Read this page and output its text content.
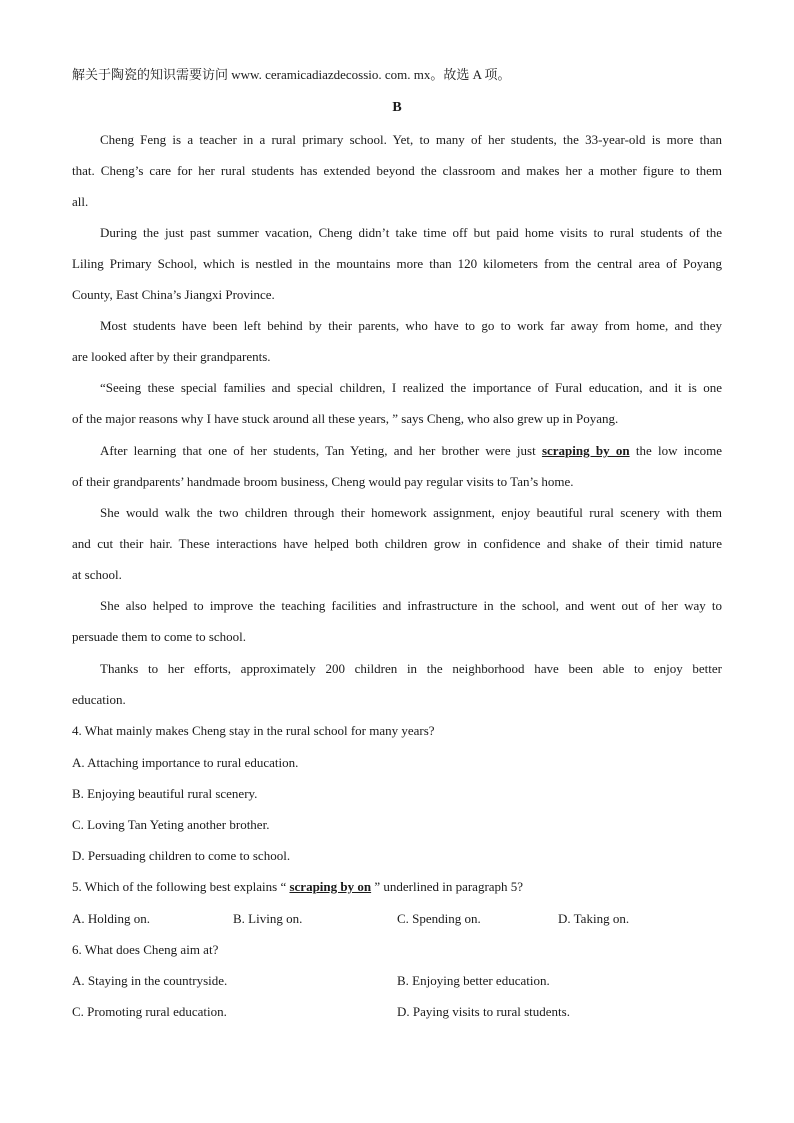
解关于陶瓷的知识需要访问 www. ceramicadiazdecossio. com. mx。故选 A 项。
B
Cheng Feng is a teacher in a rural primary school. Yet, to many of her students, the 33-year-old is more than
that. Cheng’s care for her rural students has extended beyond the classroom and makes her a mother figure to them
all.
During the just past summer vacation, Cheng didn’t take time off but paid home visits to rural students of the
Liling Primary School, which is nestled in the mountains more than 120 kilometers from the central area of Poyang
County, East China’s Jiangxi Province.
Most students have been left behind by their parents, who have to go to work far away from home, and they
are looked after by their grandparents.
“Seeing these special families and special children, I realized the importance of Fural education, and it is one
of the major reasons why I have stuck around all these years, ” says Cheng, who also grew up in Poyang.
After learning that one of her students, Tan Yeting, and her brother were just scraping by on the low income
of their grandparents’ handmade broom business, Cheng would pay regular visits to Tan’s home.
She would walk the two children through their homework assignment, enjoy beautiful rural scenery with them
and cut their hair. These interactions have helped both children grow in confidence and shake of their timid nature
at school.
She also helped to improve the teaching facilities and infrastructure in the school, and went out of her way to
persuade them to come to school.
Thanks to her efforts, approximately 200 children in the neighborhood have been able to enjoy better
education.
4. What mainly makes Cheng stay in the rural school for many years?
A. Attaching importance to rural education.
B. Enjoying beautiful rural scenery.
C. Loving Tan Yeting another brother.
D. Persuading children to come to school.
5. Which of the following best explains “ scraping by on ” underlined in paragraph 5?
A. Holding on.	B. Living on.	C. Spending on.	D. Taking on.
6. What does Cheng aim at?
A. Staying in the countryside.	B. Enjoying better education.
C. Promoting rural education.	D. Paying visits to rural students.
